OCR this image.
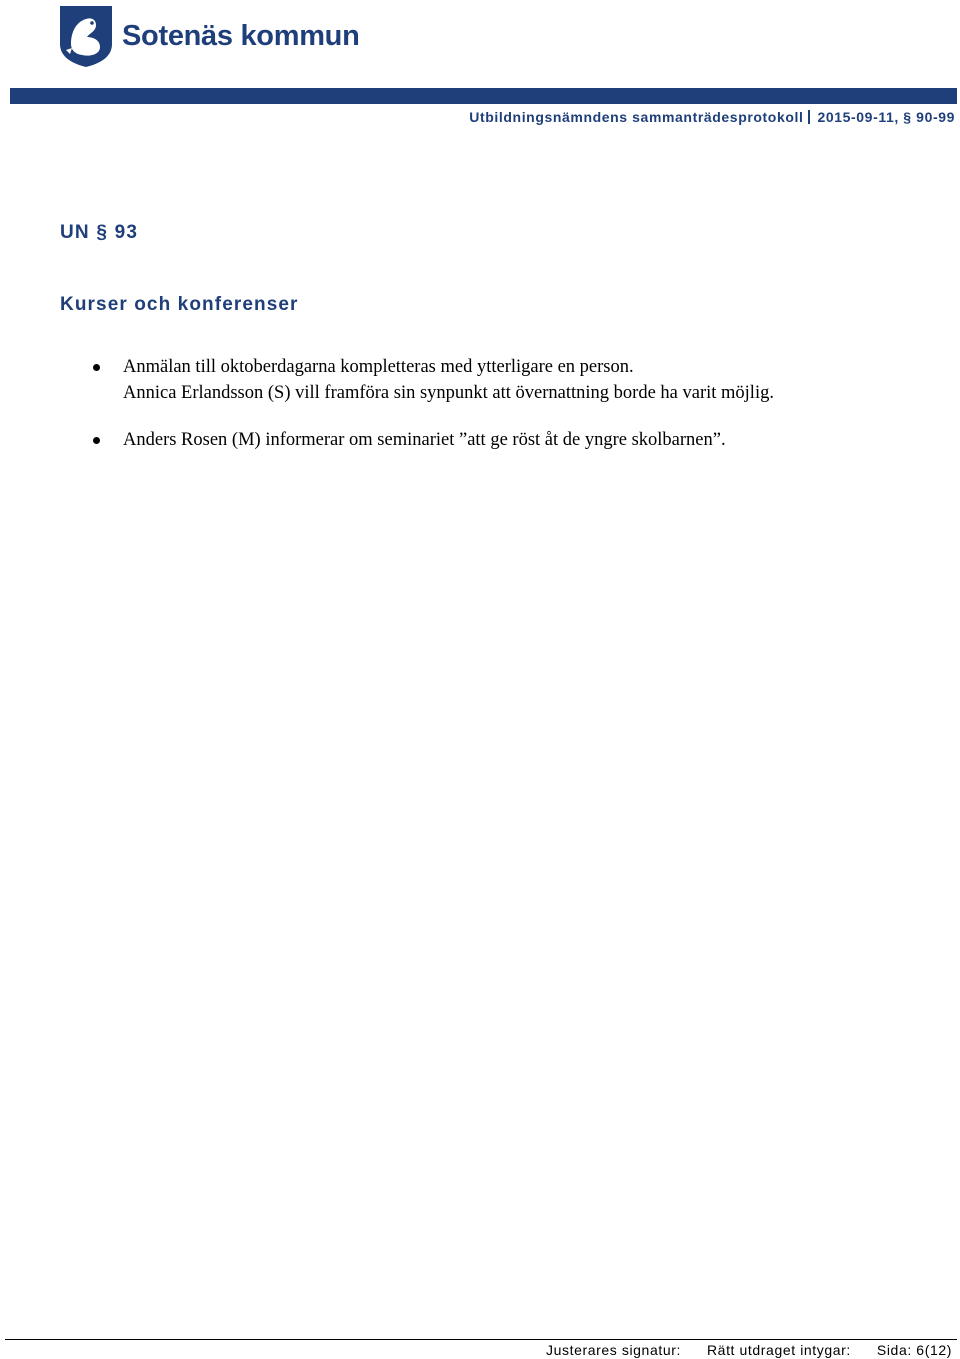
Sotenäs kommun
Utbildningsnämndens sammanträdesprotokoll 2015-09-11, § 90-99
UN § 93
Kurser och konferenser
Anmälan till oktoberdagarna kompletteras med ytterligare en person.
Annica Erlandsson (S) vill framföra sin synpunkt att övernattning borde ha varit möjlig.
Anders Rosen (M) informerar om seminariet ”att ge röst åt de yngre skolbarnen”.
Justerares signatur: Rätt utdraget intygar: Sida: 6(12)
